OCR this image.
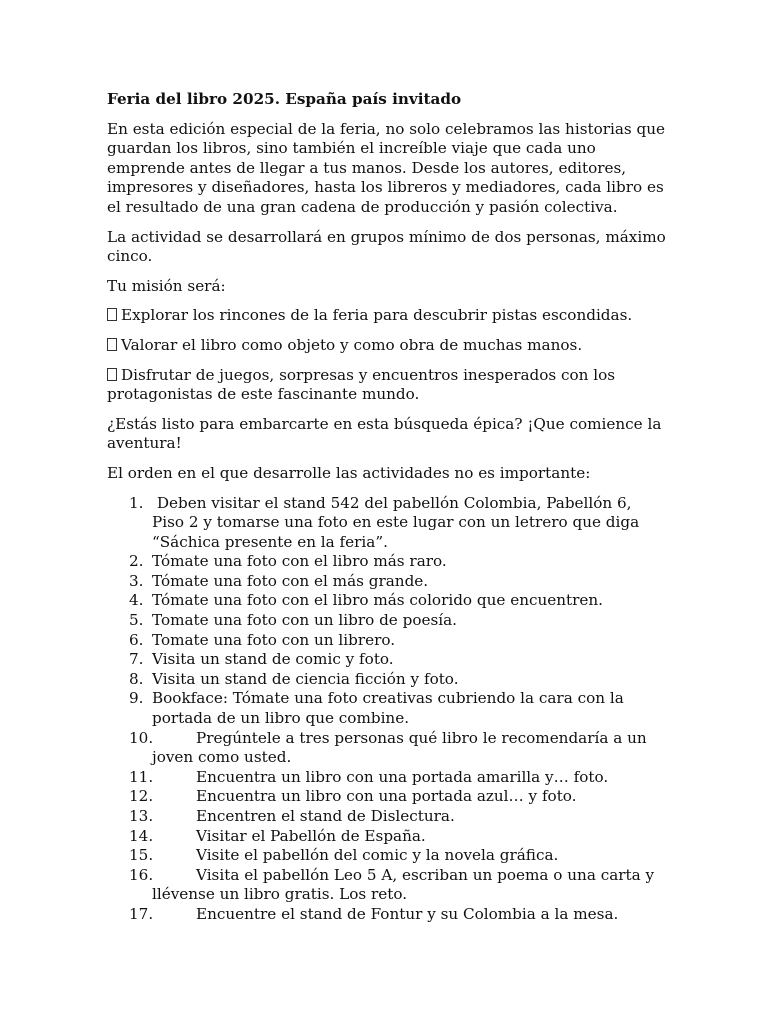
Feria del libro 2025. España país invitado

En esta edición especial de la feria, no solo celebramos las historias que guardan los libros, sino también el increíble viaje que cada uno emprende antes de llegar a tus manos. Desde los autores, editores, impresores y diseñadores, hasta los libreros y mediadores, cada libro es el resultado de una gran cadena de producción y pasión colectiva.

La actividad se desarrollará en grupos mínimo de dos personas, máximo cinco.

Tu misión será:

Explorar los rincones de la feria para descubrir pistas escondidas.

Valorar el libro como objeto y como obra de muchas manos.

Disfrutar de juegos, sorpresas y encuentros inesperados con los protagonistas de este fascinante mundo.

¿Estás listo para embarcarte en esta búsqueda épica? ¡Que comience la aventura!

El orden en el que desarrolle las actividades no es importante:

1. Deben visitar el stand 542 del pabellón Colombia, Pabellón 6, Piso 2 y tomarse una foto en este lugar con un letrero que diga “Sáchica presente en la feria”.
2. Tómate una foto con el libro más raro.
3. Tómate una foto con el más grande.
4. Tómate una foto con el libro más colorido que encuentren.
5. Tomate una foto con un libro de poesía.
6. Tomate una foto con un librero.
7. Visita un stand de comic y foto.
8. Visita un stand de ciencia ficción y foto.
9. Bookface: Tómate una foto creativas cubriendo la cara con la portada de un libro que combine.
10.	Pregúntele a tres personas qué libro le recomendaría a un joven como usted.
11.	Encuentra un libro con una portada amarilla y… foto.
12.	Encuentra un libro con una portada azul… y foto.
13.	Encentren el stand de Dislectura.
14.	Visitar el Pabellón de España.
15.	Visite el pabellón del comic y la novela gráfica.
16.	Visita el pabellón Leo 5 A, escriban un poema o una carta y llévense un libro gratis. Los reto.
17.	Encuentre el stand de Fontur y su Colombia a la mesa.
